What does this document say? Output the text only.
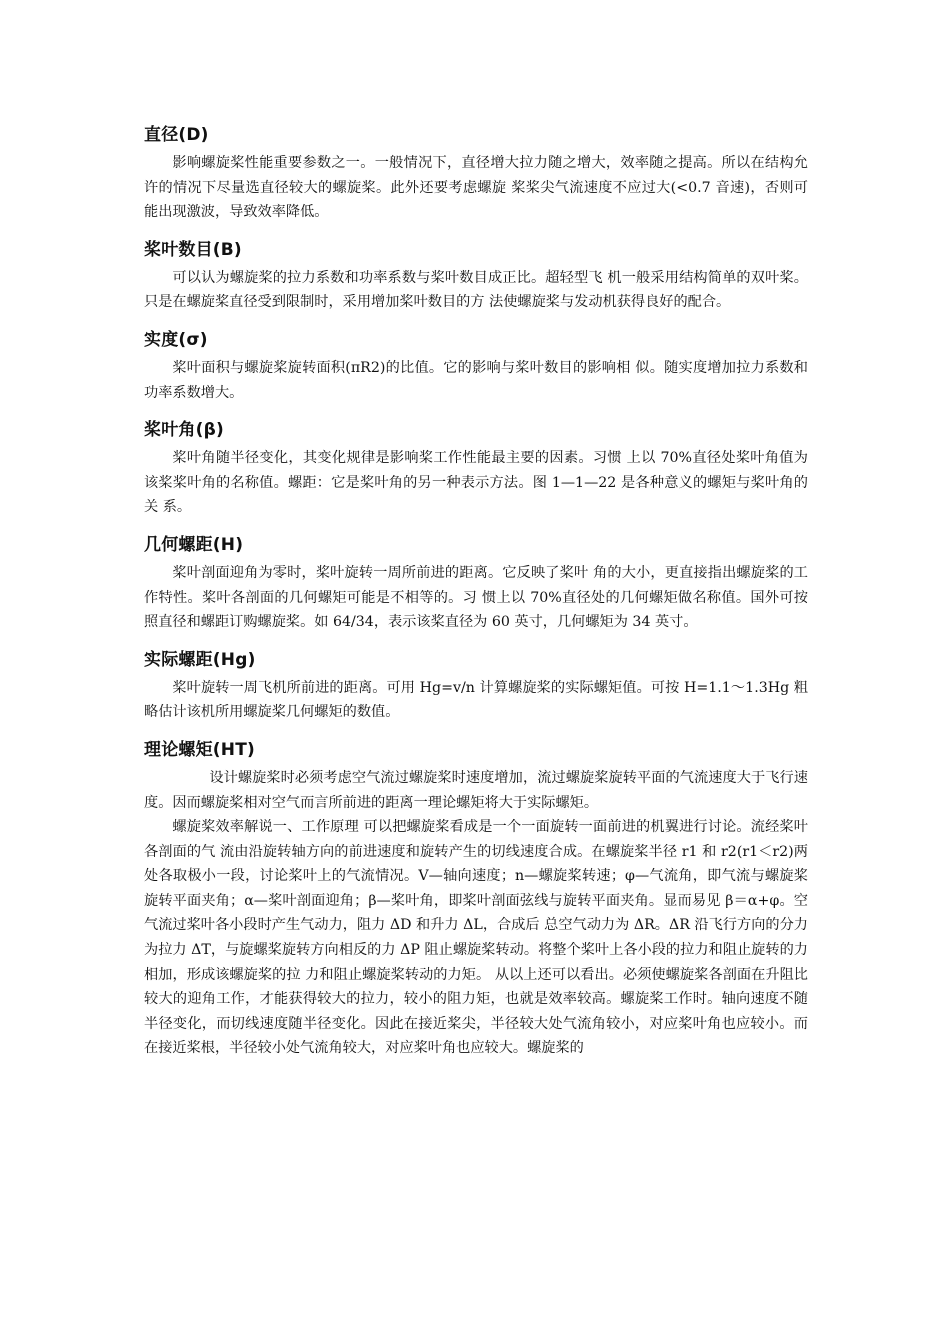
直径(D)

影响螺旋桨性能重要参数之一。一般情况下，直径增大拉力随之增大，效率随之提高。所以在结构允许的情况下尽量选直径较大的螺旋桨。此外还要考虑螺旋 桨桨尖气流速度不应过大(<0.7 音速)，否则可能出现激波，导致效率降低。

桨叶数目(B)

可以认为螺旋桨的拉力系数和功率系数与桨叶数目成正比。超轻型飞 机一般采用结构简单的双叶桨。只是在螺旋桨直径受到限制时，采用增加桨叶数目的方 法使螺旋桨与发动机获得良好的配合。

实度(σ)

桨叶面积与螺旋桨旋转面积(πR2)的比值。它的影响与桨叶数目的影响相 似。随实度增加拉力系数和功率系数增大。

桨叶角(β)

桨叶角随半径变化，其变化规律是影响桨工作性能最主要的因素。习惯 上以 70%直径处桨叶角值为该桨桨叶角的名称值。螺距：它是桨叶角的另一种表示方法。图 1—1—22 是各种意义的螺矩与桨叶角的关 系。

几何螺距(H)

桨叶剖面迎角为零时，桨叶旋转一周所前进的距离。它反映了桨叶 角的大小，更直接指出螺旋桨的工作特性。桨叶各剖面的几何螺矩可能是不相等的。习 惯上以 70%直径处的几何螺矩做名称值。国外可按照直径和螺距订购螺旋桨。如 64/34，表示该桨直径为 60 英寸，几何螺矩为 34 英寸。

实际螺距(Hg)

桨叶旋转一周飞机所前进的距离。可用 Hg=v/n 计算螺旋桨的实际螺矩值。可按 H=1.1～1.3Hg 粗略估计该机所用螺旋桨几何螺矩的数值。

理论螺矩(HT)

设计螺旋桨时必须考虑空气流过螺旋桨时速度增加，流过螺旋桨旋转平面的气流速度大于飞行速度。因而螺旋桨相对空气而言所前进的距离一理论螺矩将大于实际螺矩。

螺旋桨效率解说一、工作原理 可以把螺旋桨看成是一个一面旋转一面前进的机翼进行讨论。流经桨叶各剖面的气 流由沿旋转轴方向的前进速度和旋转产生的切线速度合成。在螺旋桨半径 r1 和 r2(r1＜r2)两处各取极小一段，讨论桨叶上的气流情况。V—轴向速度；n—螺旋桨转速；φ—气流角，即气流与螺旋桨旋转平面夹角；α—桨叶剖面迎角；β—桨叶角，即桨叶剖面弦线与旋转平面夹角。显而易见 β＝α+φ。空气流过桨叶各小段时产生气动力，阻力 ΔD 和升力 ΔL，合成后 总空气动力为 ΔR。ΔR 沿飞行方向的分力为拉力 ΔT，与旋螺桨旋转方向相反的力 ΔP 阻止螺旋桨转动。将整个桨叶上各小段的拉力和阻止旋转的力相加，形成该螺旋桨的拉 力和阻止螺旋桨转动的力矩。 从以上还可以看出。必须使螺旋桨各剖面在升阻比较大的迎角工作，才能获得较大的拉力，较小的阻力矩，也就是效率较高。螺旋桨工作时。轴向速度不随半径变化，而切线速度随半径变化。因此在接近桨尖，半径较大处气流角较小，对应桨叶角也应较小。而在接近桨根，半径较小处气流角较大，对应桨叶角也应较大。螺旋桨的
